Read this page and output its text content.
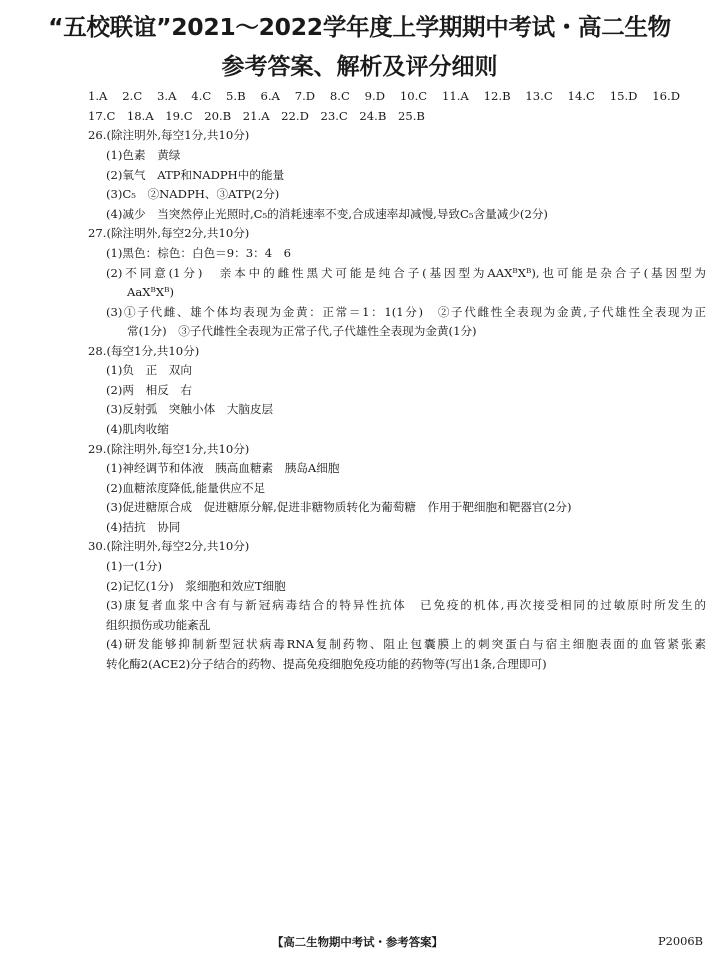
“五校联谊”2021～2022学年度上学期期中考试・高二生物
参考答案、解析及评分细则
1.A　2.C　3.A　4.C　5.B　6.A　7.D　8.C　9.D　10.C　11.A　12.B　13.C　14.C　15.D　16.D
17.C　18.A　19.C　20.B　21.A　22.D　23.C　24.B　25.B
26.(除注明外,每空1分,共10分)
(1)色素　黄绿
(2)氧气　ATP和NADPH中的能量
(3)C₅　②NADPH、③ATP(2分)
(4)减少　当突然停止光照时,C₅的消耗速率不变,合成速率却减慢,导致C₅含量减少(2分)
27.(除注明外,每空2分,共10分)
(1)黑色：棕色：白色＝9：3：4　6
(2)不同意(1分)　亲本中的雌性黑犬可能是纯合子(基因型为AAXᴮXᴮ),也可能是杂合子(基因型为
AaXᴮXᴮ)
(3)①子代雌、雄个体均表现为金黄：正常＝1：1(1分)　②子代雌性全表现为金黄,子代雄性全表现为正
常(1分)　③子代雌性全表现为正常子代,子代雄性全表现为金黄(1分)
28.(每空1分,共10分)
(1)负　正　双向
(2)两　相反　右
(3)反射弧　突触小体　大脑皮层
(4)肌肉收缩
29.(除注明外,每空1分,共10分)
(1)神经调节和体液　胰高血糖素　胰岛A细胞
(2)血糖浓度降低,能量供应不足
(3)促进糖原合成　促进糖原分解,促进非糖物质转化为葡萄糖　作用于靶细胞和靶器官(2分)
(4)拮抗　协同
30.(除注明外,每空2分,共10分)
(1)一(1分)
(2)记忆(1分)　浆细胞和效应T细胞
(3)康复者血浆中含有与新冠病毒结合的特异性抗体　已免疫的机体,再次接受相同的过敏原时所发生的
组织损伤或功能紊乱
(4)研发能够抑制新型冠状病毒RNA复制药物、阻止包囊膜上的刺突蛋白与宿主细胞表面的血管紧张素
转化酶2(ACE2)分子结合的药物、提高免疫细胞免疫功能的药物等(写出1条,合理即可)
【高二生物期中考试・参考答案】	P2006B
